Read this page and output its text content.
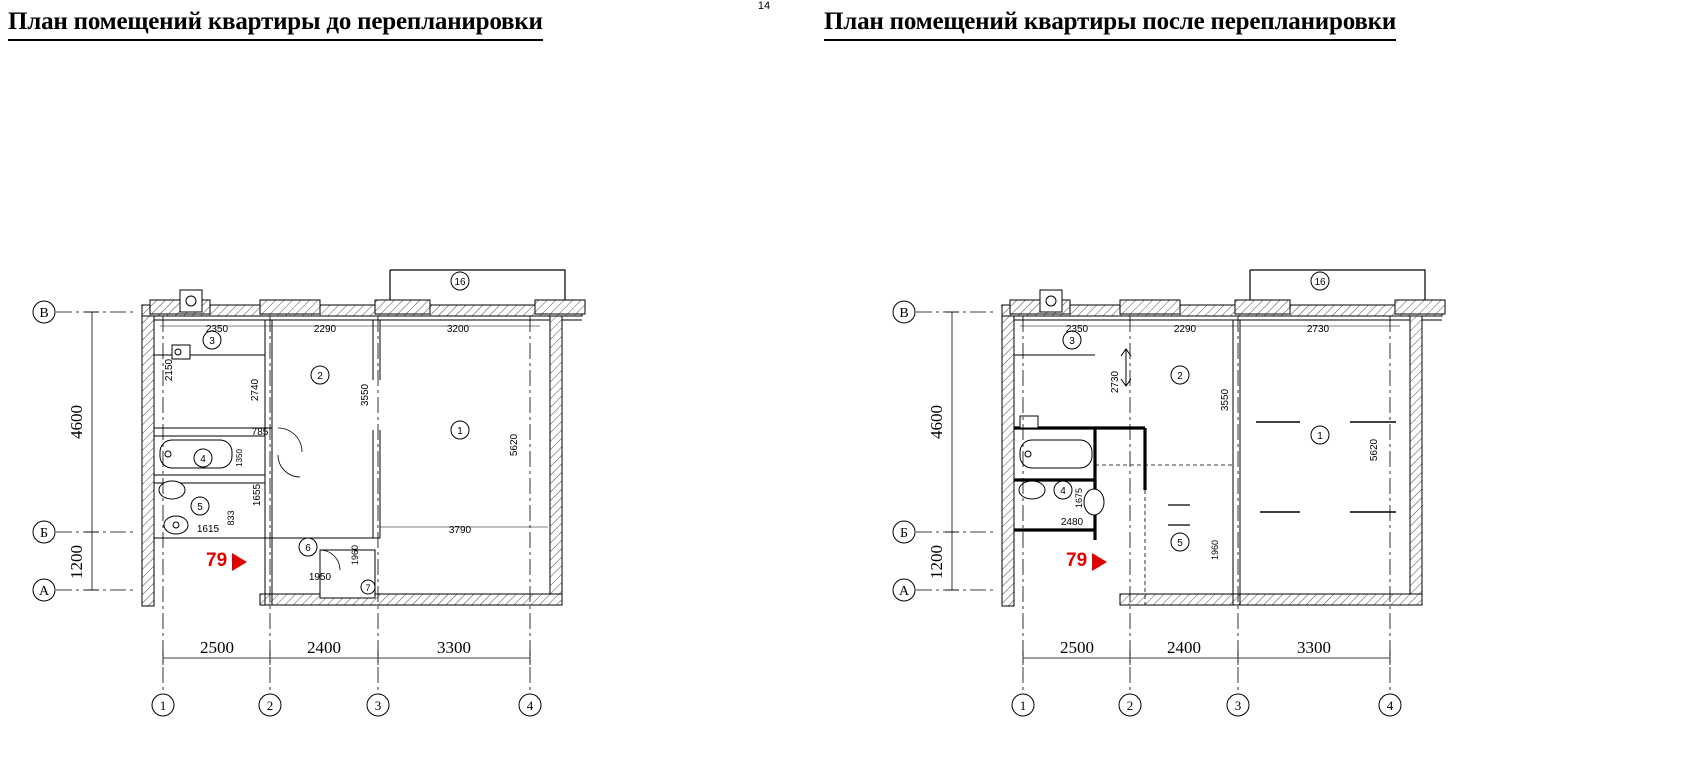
14
План помещений квартиры до перепланировки	План помещений квартиры после перепланировки
16
7
3
2
1
4
5
6
2350	2290	3200
2150
2740	3550
5620
785
1350
1655
833
1615	3790
1960
1950
В
Б
А
4600
1200
1	2	3	4
2500	2400	3300
79
16
3
2
1
4
5
2350	2290	2730
2730
3550
5620
1675
2480
1960
В
Б
А
4600
1200
1	2	3	4
2500	2400	3300
79
